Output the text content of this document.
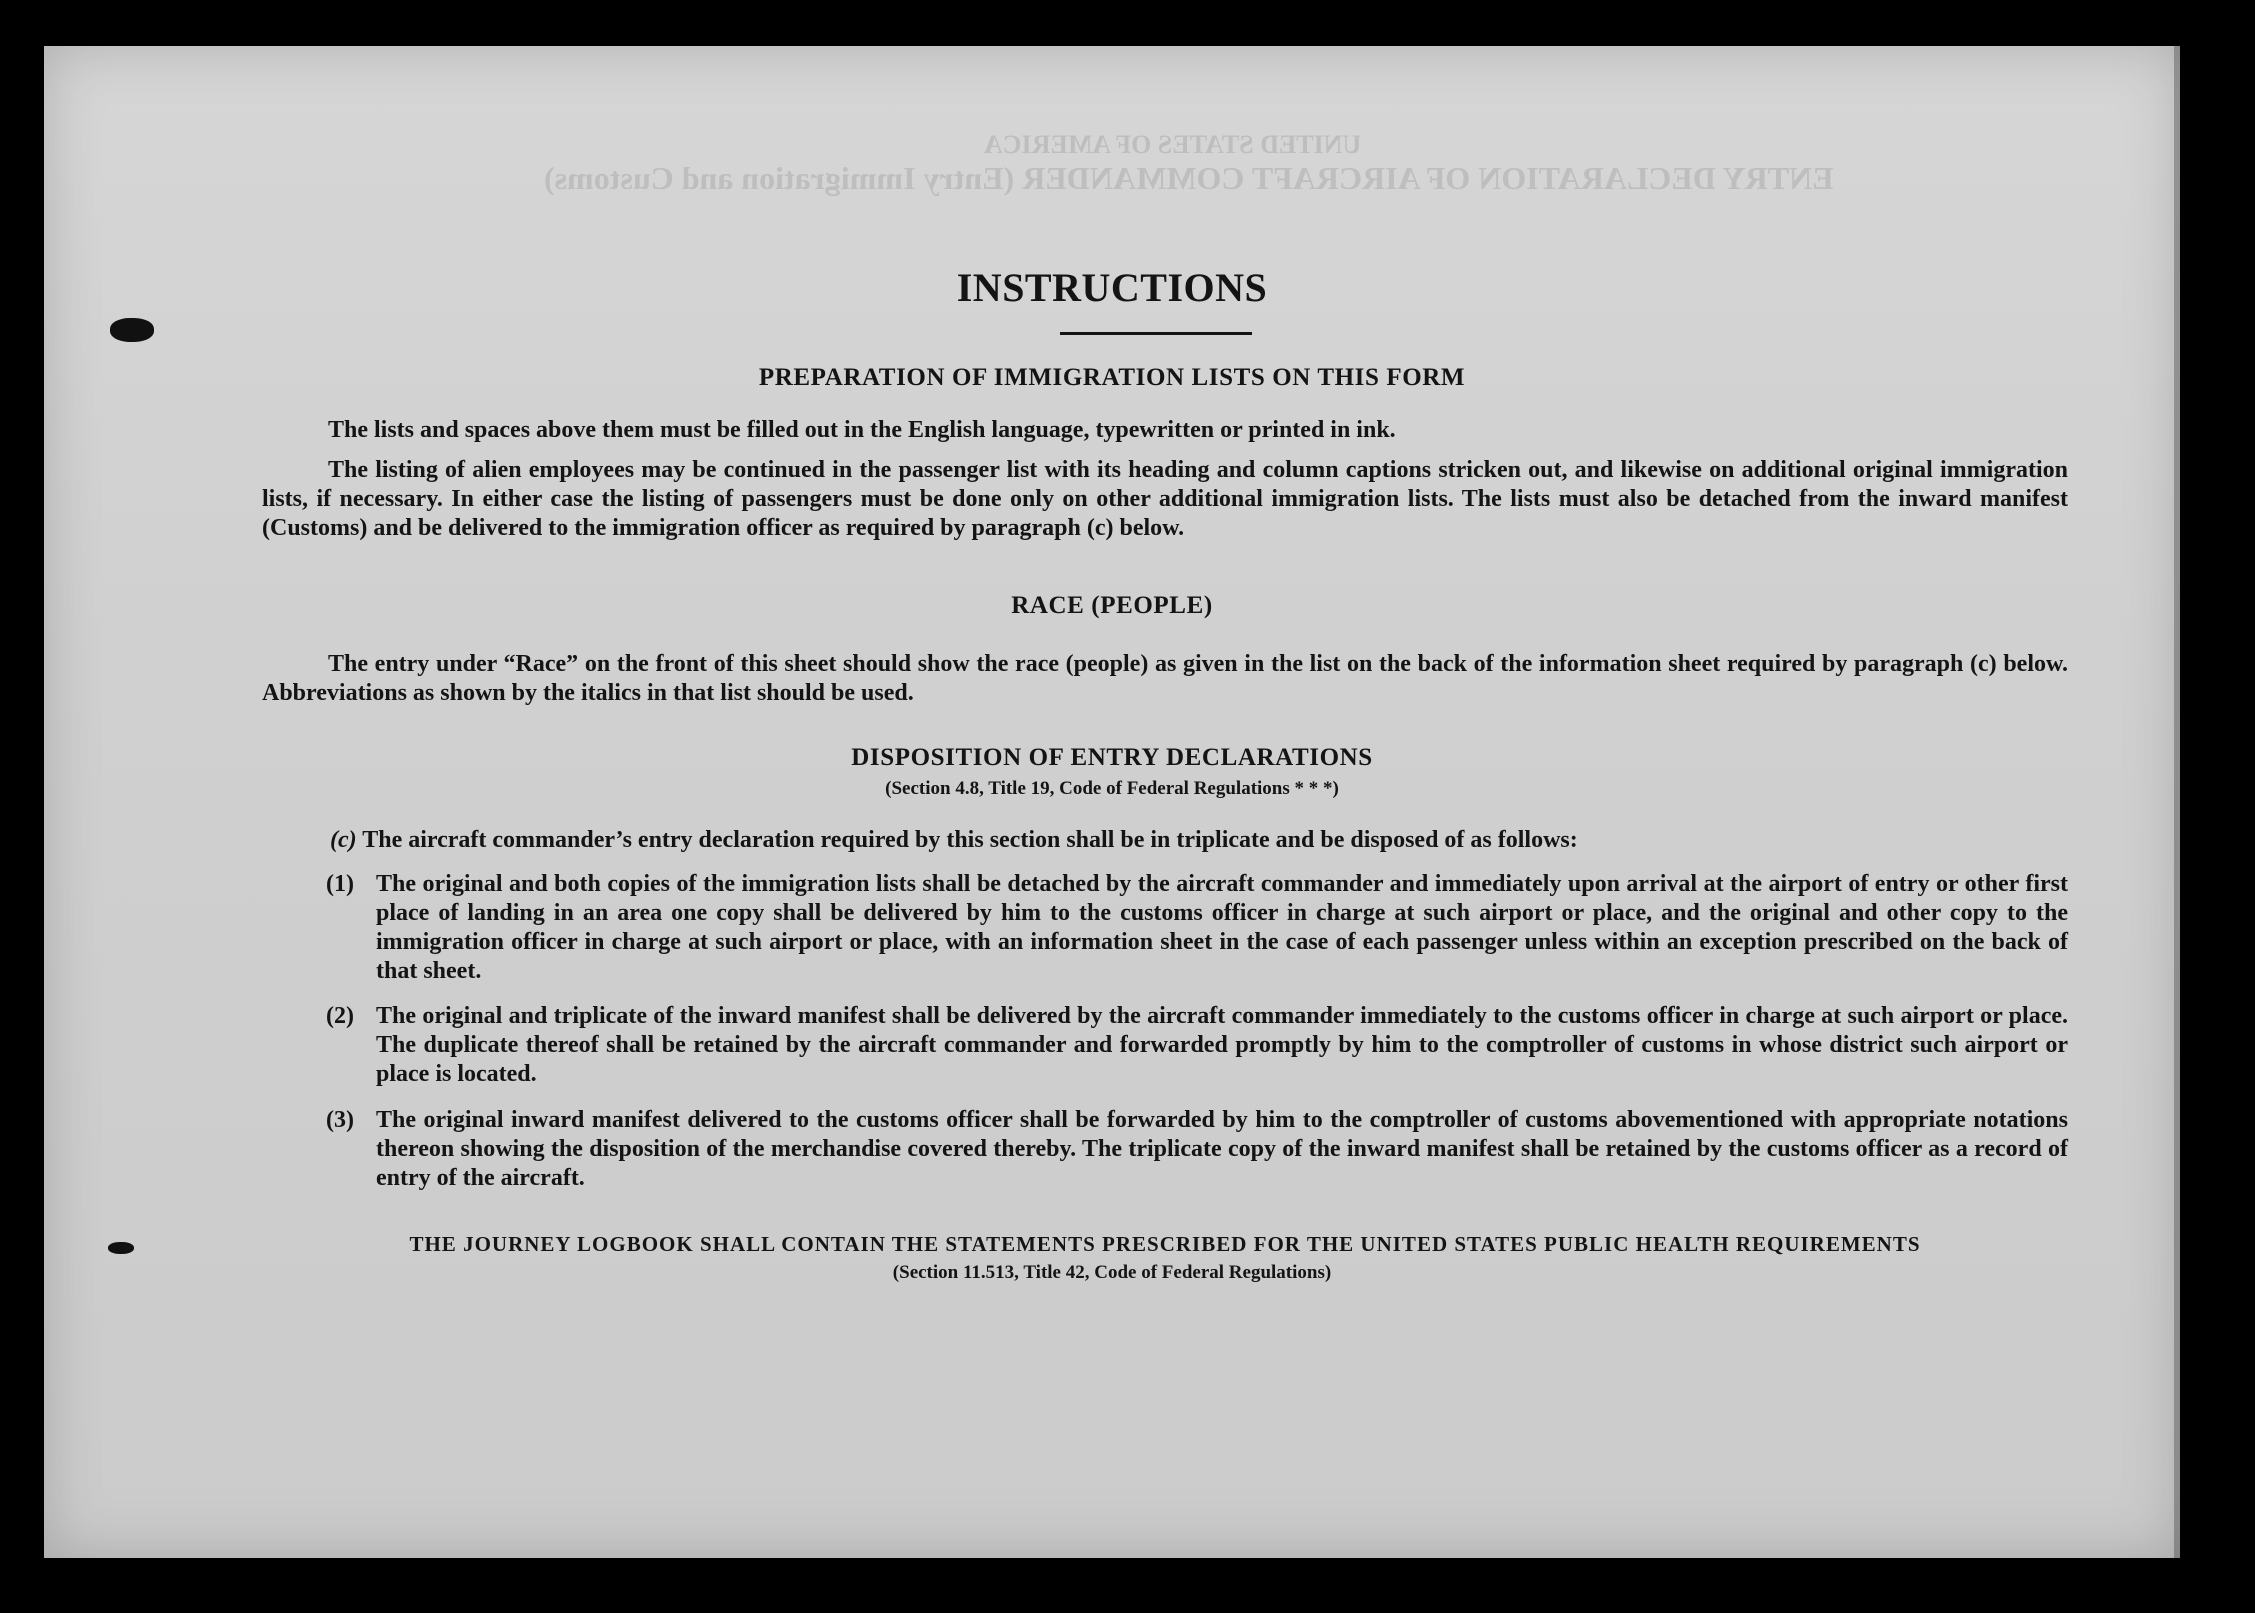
UNITED STATES OF AMERICA
ENTRY DECLARATION OF AIRCRAFT COMMANDER (Entry Immigration and Customs)
INSTRUCTIONS
PREPARATION OF IMMIGRATION LISTS ON THIS FORM

The lists and spaces above them must be filled out in the English language, typewritten or printed in ink.

The listing of alien employees may be continued in the passenger list with its heading and column captions stricken out, and likewise on additional original immigration lists, if necessary. In either case the listing of passengers must be done only on other additional immigration lists. The lists must also be detached from the inward manifest (Customs) and be delivered to the immigration officer as required by paragraph (c) below.

RACE (PEOPLE)

The entry under “Race” on the front of this sheet should show the race (people) as given in the list on the back of the information sheet required by paragraph (c) below. Abbreviations as shown by the italics in that list should be used.

DISPOSITION OF ENTRY DECLARATIONS
(Section 4.8, Title 19, Code of Federal Regulations * * *)

(c) The aircraft commander’s entry declaration required by this section shall be in triplicate and be disposed of as follows:

(1) The original and both copies of the immigration lists shall be detached by the aircraft commander and immediately upon arrival at the airport of entry or other first place of landing in an area one copy shall be delivered by him to the customs officer in charge at such airport or place, and the original and other copy to the immigration officer in charge at such airport or place, with an information sheet in the case of each passenger unless within an exception prescribed on the back of that sheet.

(2) The original and triplicate of the inward manifest shall be delivered by the aircraft commander immediately to the customs officer in charge at such airport or place. The duplicate thereof shall be retained by the aircraft commander and forwarded promptly by him to the comptroller of customs in whose district such airport or place is located.

(3) The original inward manifest delivered to the customs officer shall be forwarded by him to the comptroller of customs abovementioned with appropriate notations thereon showing the disposition of the merchandise covered thereby. The triplicate copy of the inward manifest shall be retained by the customs officer as a record of entry of the aircraft.

THE JOURNEY LOGBOOK SHALL CONTAIN THE STATEMENTS PRESCRIBED FOR THE UNITED STATES PUBLIC HEALTH REQUIREMENTS
(Section 11.513, Title 42, Code of Federal Regulations)
